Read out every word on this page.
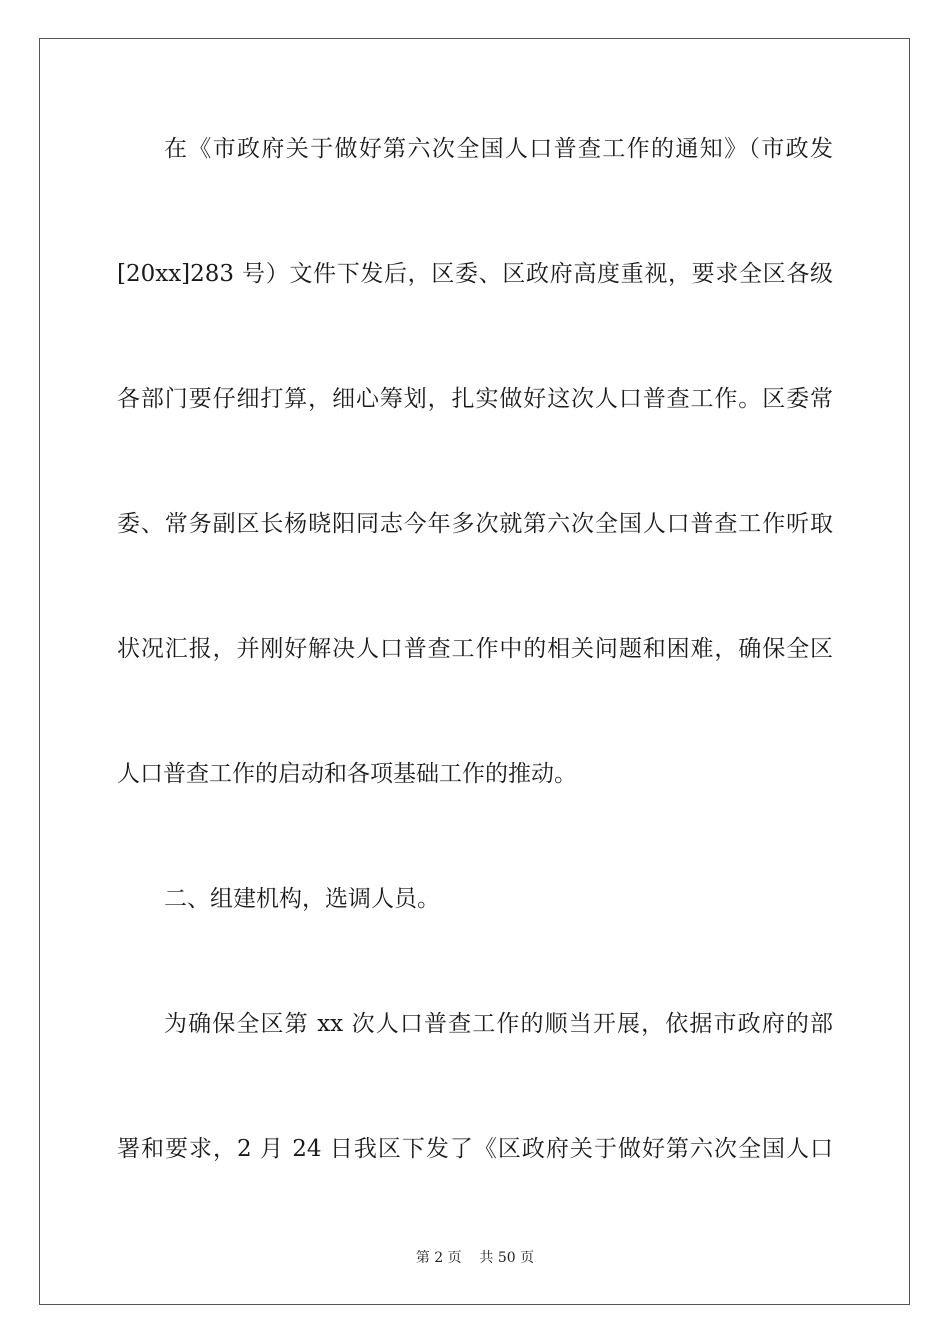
在《市政府关于做好第六次全国人口普查工作的通知》（市政发
[20xx]283 号）文件下发后，区委、区政府高度重视，要求全区各级
各部门要仔细打算，细心筹划，扎实做好这次人口普查工作。区委常
委、常务副区长杨晓阳同志今年多次就第六次全国人口普查工作听取
状况汇报，并刚好解决人口普查工作中的相关问题和困难，确保全区
人口普查工作的启动和各项基础工作的推动。
二、组建机构，选调人员。
为确保全区第 xx 次人口普查工作的顺当开展，依据市政府的部
署和要求，2 月 24 日我区下发了《区政府关于做好第六次全国人口
第 2 页    共 50 页
